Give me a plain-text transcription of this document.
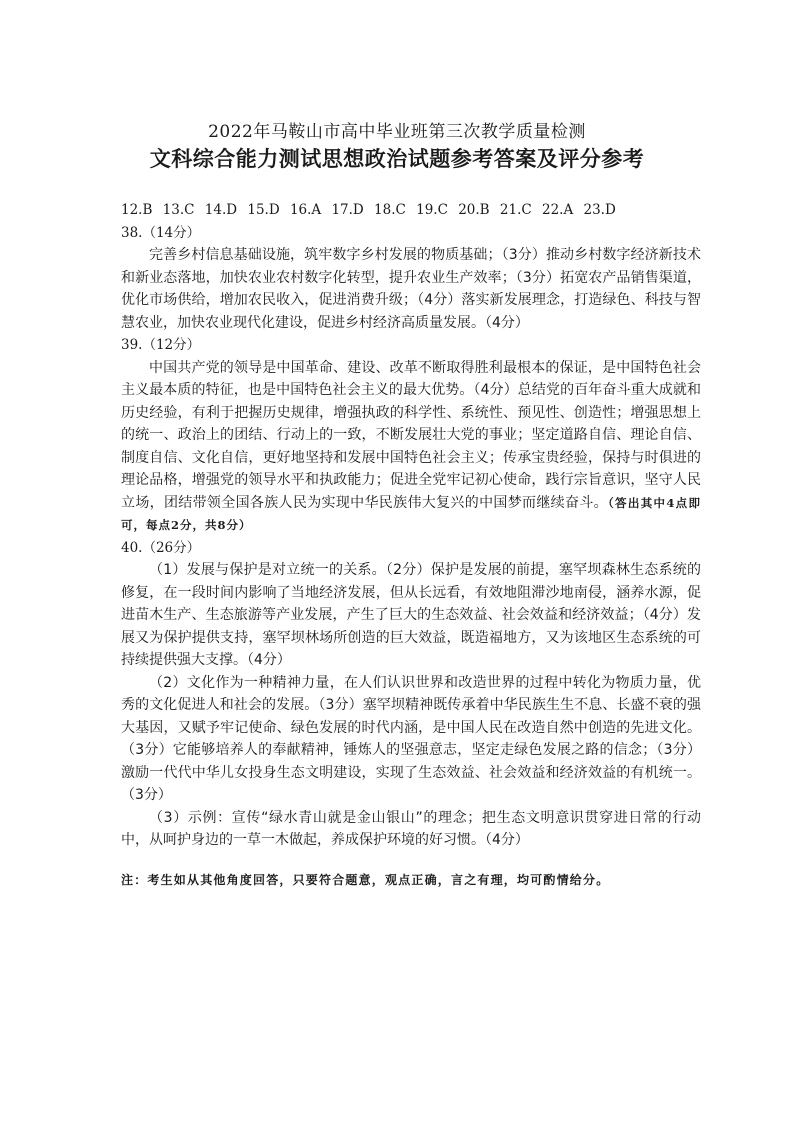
2022年马鞍山市高中毕业班第三次教学质量检测
文科综合能力测试思想政治试题参考答案及评分参考
12.B 13.C 14.D 15.D 16.A 17.D 18.C 19.C 20.B 21.C 22.A 23.D
38.（14分）

完善乡村信息基础设施，筑牢数字乡村发展的物质基础；（3分）推动乡村数字经济新技术和新业态落地，加快农业农村数字化转型，提升农业生产效率；（3分）拓宽农产品销售渠道，优化市场供给，增加农民收入，促进消费升级；（4分）落实新发展理念，打造绿色、科技与智慧农业，加快农业现代化建设，促进乡村经济高质量发展。（4分）

39.（12分）

中国共产党的领导是中国革命、建设、改革不断取得胜利最根本的保证，是中国特色社会主义最本质的特征，也是中国特色社会主义的最大优势。（4分）总结党的百年奋斗重大成就和历史经验，有利于把握历史规律，增强执政的科学性、系统性、预见性、创造性；增强思想上的统一、政治上的团结、行动上的一致，不断发展壮大党的事业；坚定道路自信、理论自信、制度自信、文化自信，更好地坚持和发展中国特色社会主义；传承宝贵经验，保持与时俱进的理论品格，增强党的领导水平和执政能力；促进全党牢记初心使命，践行宗旨意识，坚守人民立场，团结带领全国各族人民为实现中华民族伟大复兴的中国梦而继续奋斗。（答出其中4点即可，每点2分，共8分）

40.（26分）

（1）发展与保护是对立统一的关系。（2分）保护是发展的前提，塞罕坝森林生态系统的修复，在一段时间内影响了当地经济发展，但从长远看，有效地阻滞沙地南侵，涵养水源，促进苗木生产、生态旅游等产业发展，产生了巨大的生态效益、社会效益和经济效益；（4分）发展又为保护提供支持，塞罕坝林场所创造的巨大效益，既造福地方，又为该地区生态系统的可持续提供强大支撑。（4分）

（2）文化作为一种精神力量，在人们认识世界和改造世界的过程中转化为物质力量，优秀的文化促进人和社会的发展。（3分）塞罕坝精神既传承着中华民族生生不息、长盛不衰的强大基因，又赋予牢记使命、绿色发展的时代内涵，是中国人民在改造自然中创造的先进文化。（3分）它能够培养人的奉献精神，锤炼人的坚强意志，坚定走绿色发展之路的信念；（3分）激励一代代中华儿女投身生态文明建设，实现了生态效益、社会效益和经济效益的有机统一。（3分）

（3）示例：宣传“绿水青山就是金山银山”的理念；把生态文明意识贯穿进日常的行动中，从呵护身边的一草一木做起，养成保护环境的好习惯。（4分）

注：考生如从其他角度回答，只要符合题意，观点正确，言之有理，均可酌情给分。
